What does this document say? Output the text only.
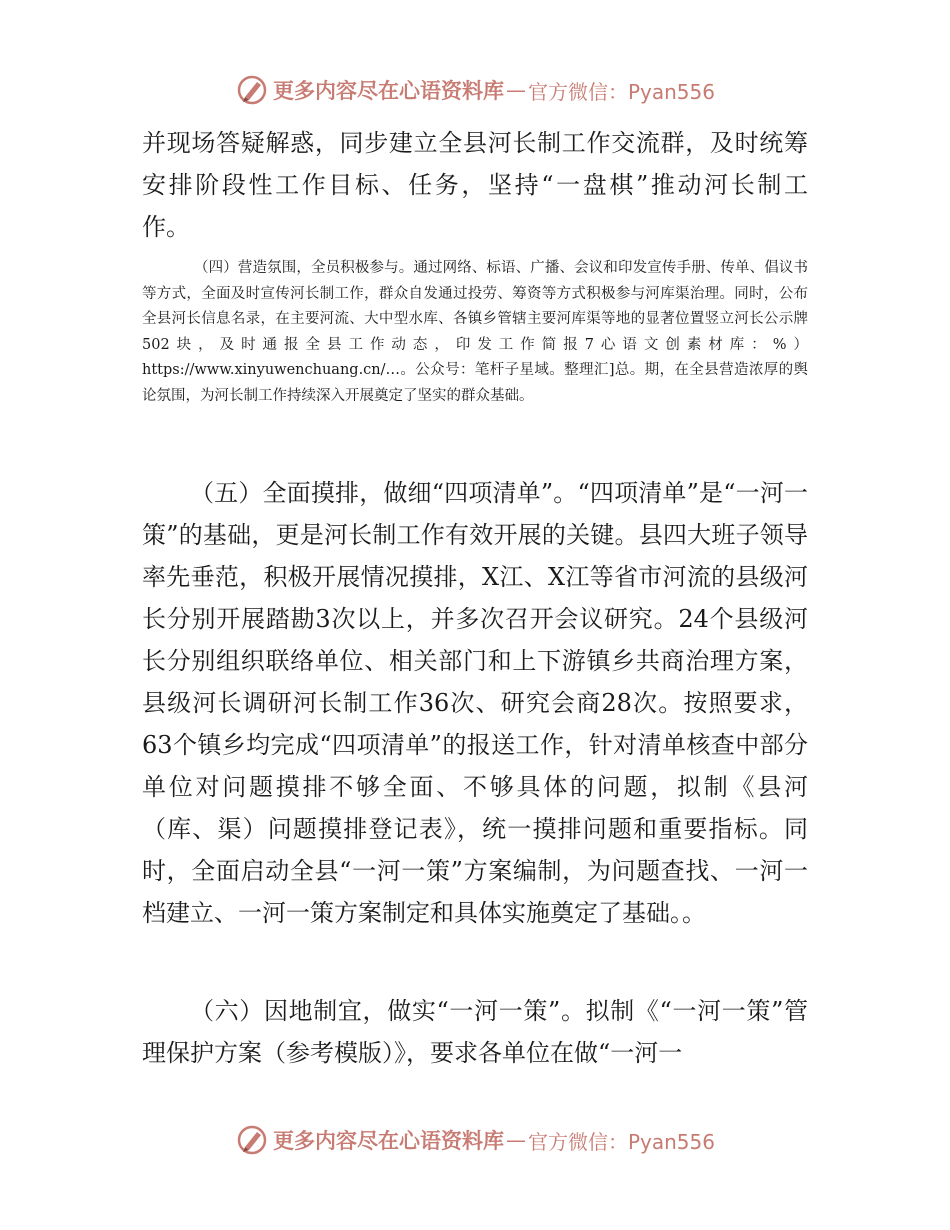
更多内容尽在心语资料库 — 官方微信：Pyan556
并现场答疑解惑，同步建立全县河长制工作交流群，及时统筹
安排阶段性工作目标、任务，坚持“一盘棋”推动河长制工
作。

（四）营造氛围，全员积极参与。通过网络、标语、广播、会议和印发宣传手册、传单、倡议书等方式，全面及时宣传河长制工作，群众自发通过投劳、筹资等方式积极参与河库渠治理。同时，公布全县河长信息名录，在主要河流、大中型水库、各镇乡管辖主要河库渠等地的显著位置竖立河长公示牌502块，及时通报全县工作动态，印发工作简报7心语文创素材库：%）https://www.xinyuwenchuang.cn/…。公众号：笔杆子星域。整理汇]总。期，在全县营造浓厚的舆论氛围，为河长制工作持续深入开展奠定了坚实的群众基础。

（五）全面摸排，做细“四项清单”。“四项清单”是“一河一策”的基础，更是河长制工作有效开展的关键。县四大班子领导率先垂范，积极开展情况摸排，X江、X江等省市河流的县级河长分别开展踏勘3次以上，并多次召开会议研究。24个县级河长分别组织联络单位、相关部门和上下游镇乡共商治理方案，县级河长调研河长制工作36次、研究会商28次。按照要求，63个镇乡均完成“四项清单”的报送工作，针对清单核查中部分单位对问题摸排不够全面、不够具体的问题，拟制《县河（库、渠）问题摸排登记表》，统一摸排问题和重要指标。同时，全面启动全县“一河一策”方案编制，为问题查找、一河一档建立、一河一策方案制定和具体实施奠定了基础。。

（六）因地制宜，做实“一河一策”。拟制《“一河一策”管理保护方案（参考模版）》，要求各单位在做“一河一

更多内容尽在心语资料库 — 官方微信：Pyan556
